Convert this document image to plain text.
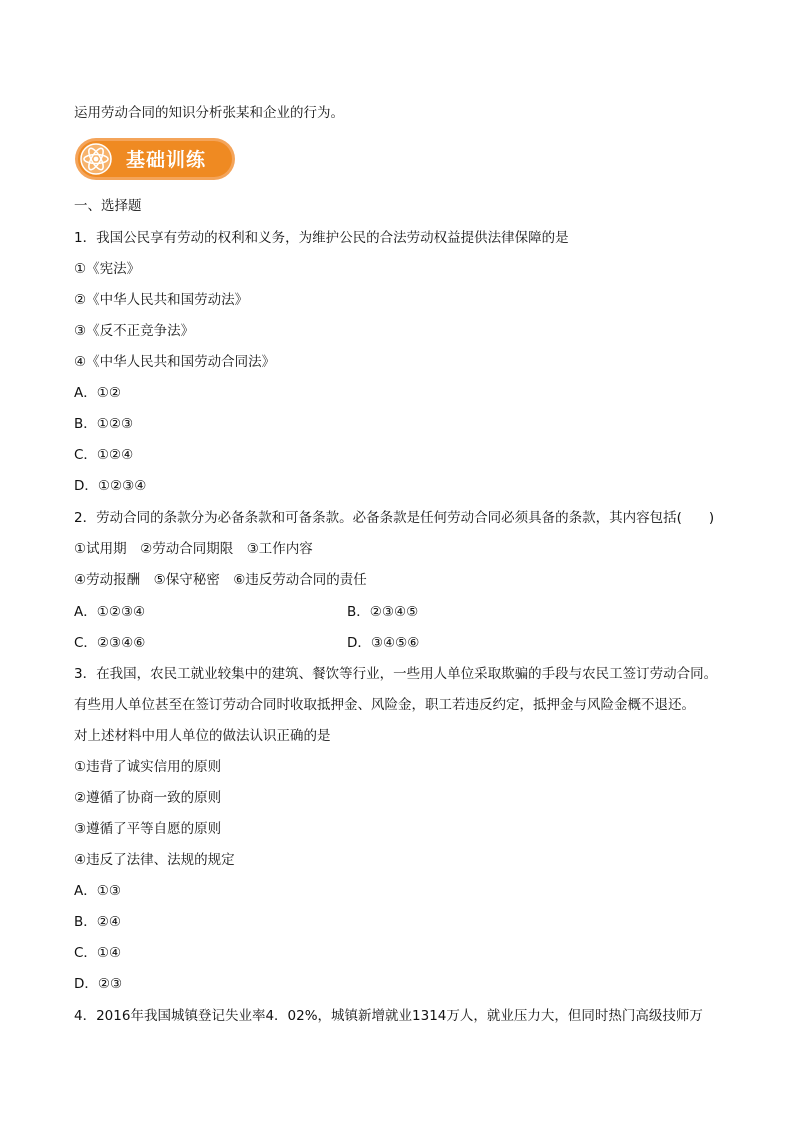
运用劳动合同的知识分析张某和企业的行为。
基础训练
一、选择题
1．我国公民享有劳动的权利和义务，为维护公民的合法劳动权益提供法律保障的是
①《宪法》
②《中华人民共和国劳动法》
③《反不正竞争法》
④《中华人民共和国劳动合同法》
A．①②
B．①②③
C．①②④
D．①②③④
2．劳动合同的条款分为必备条款和可备条款。必备条款是任何劳动合同必须具备的条款，其内容包括(　　)
①试用期　②劳动合同期限　③工作内容
④劳动报酬　⑤保守秘密　⑥违反劳动合同的责任
A．①②③④	B．②③④⑤
C．②③④⑥	D．③④⑤⑥
3．在我国，农民工就业较集中的建筑、餐饮等行业，一些用人单位采取欺骗的手段与农民工签订劳动合同。
有些用人单位甚至在签订劳动合同时收取抵押金、风险金，职工若违反约定，抵押金与风险金概不退还。
对上述材料中用人单位的做法认识正确的是
①违背了诚实信用的原则
②遵循了协商一致的原则
③遵循了平等自愿的原则
④违反了法律、法规的规定
A．①③
B．②④
C．①④
D．②③
4．2016年我国城镇登记失业率4．02%，城镇新增就业1314万人，就业压力大，但同时热门高级技师万
